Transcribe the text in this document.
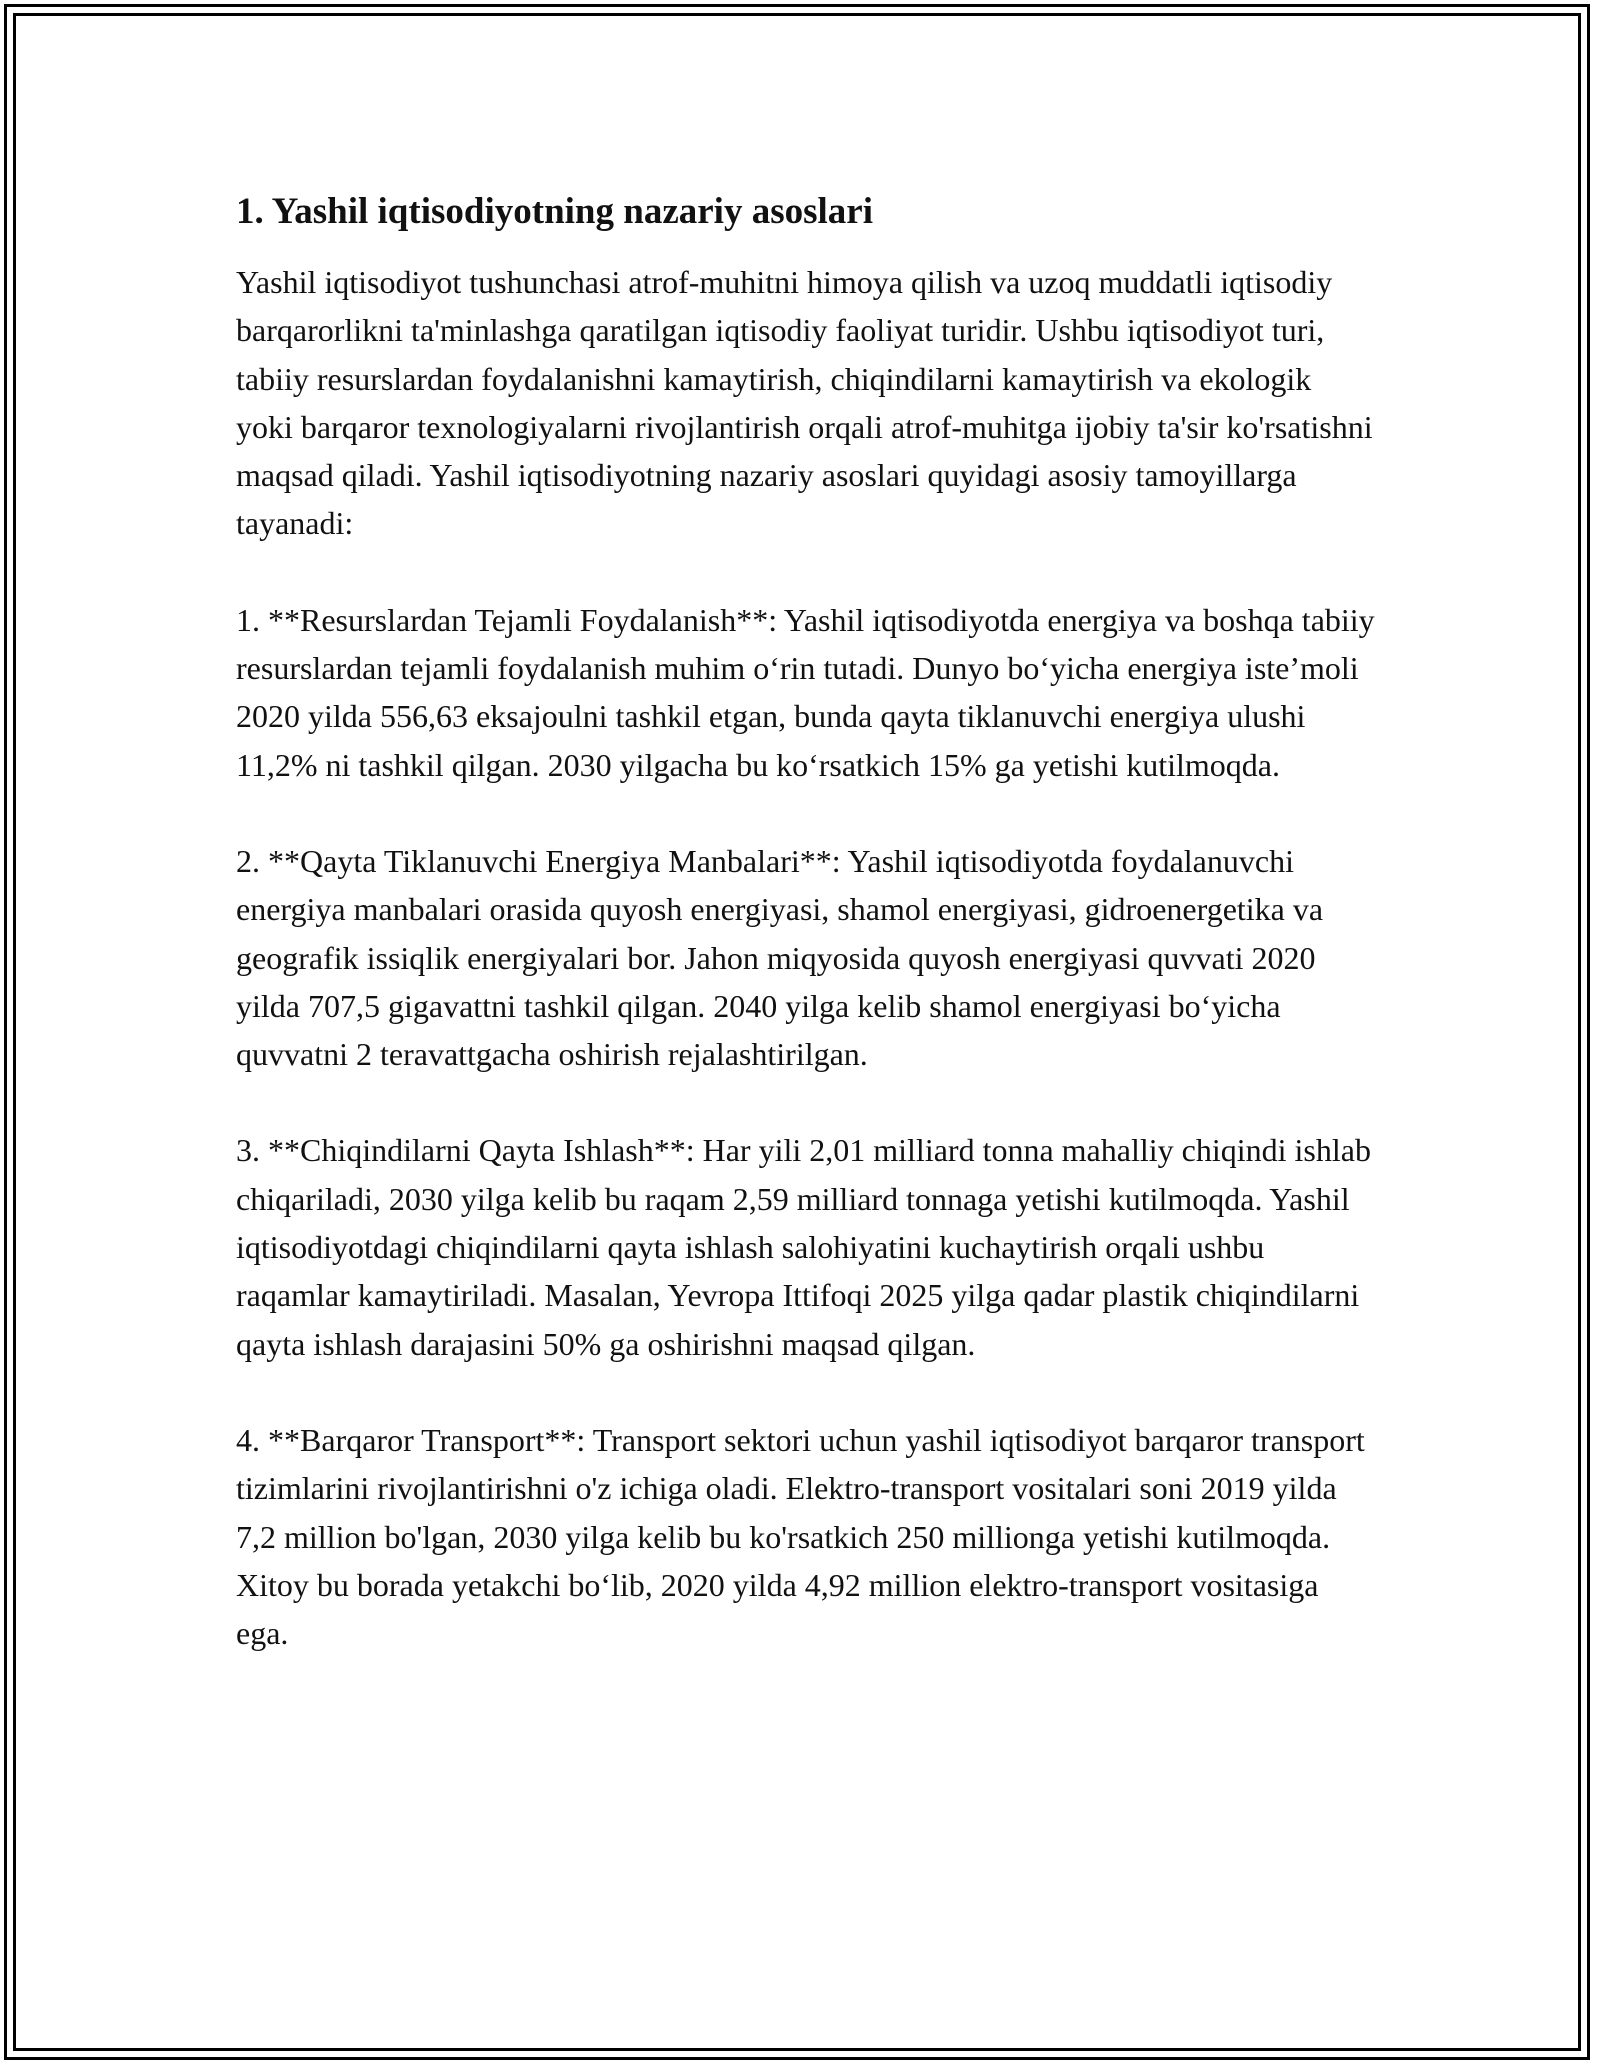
1. Yashil iqtisodiyotning nazariy asoslari

Yashil iqtisodiyot tushunchasi atrof-muhitni himoya qilish va uzoq muddatli iqtisodiy barqarorlikni ta'minlashga qaratilgan iqtisodiy faoliyat turidir. Ushbu iqtisodiyot turi, tabiiy resurslardan foydalanishni kamaytirish, chiqindilarni kamaytirish va ekologik yoki barqaror texnologiyalarni rivojlantirish orqali atrof-muhitga ijobiy ta'sir ko'rsatishni maqsad qiladi. Yashil iqtisodiyotning nazariy asoslari quyidagi asosiy tamoyillarga tayanadi:

1. **Resurslardan Tejamli Foydalanish**: Yashil iqtisodiyotda energiya va boshqa tabiiy resurslardan tejamli foydalanish muhim o‘rin tutadi. Dunyo bo‘yicha energiya iste’moli 2020 yilda 556,63 eksajoulni tashkil etgan, bunda qayta tiklanuvchi energiya ulushi 11,2% ni tashkil qilgan. 2030 yilgacha bu ko‘rsatkich 15% ga yetishi kutilmoqda.

2. **Qayta Tiklanuvchi Energiya Manbalari**: Yashil iqtisodiyotda foydalanuvchi energiya manbalari orasida quyosh energiyasi, shamol energiyasi, gidroenergetika va geografik issiqlik energiyalari bor. Jahon miqyosida quyosh energiyasi quvvati 2020 yilda 707,5 gigavattni tashkil qilgan. 2040 yilga kelib shamol energiyasi bo‘yicha quvvatni 2 teravattgacha oshirish rejalashtirilgan.

3. **Chiqindilarni Qayta Ishlash**: Har yili 2,01 milliard tonna mahalliy chiqindi ishlab chiqariladi, 2030 yilga kelib bu raqam 2,59 milliard tonnaga yetishi kutilmoqda. Yashil iqtisodiyotdagi chiqindilarni qayta ishlash salohiyatini kuchaytirish orqali ushbu raqamlar kamaytiriladi. Masalan, Yevropa Ittifoqi 2025 yilga qadar plastik chiqindilarni qayta ishlash darajasini 50% ga oshirishni maqsad qilgan.

4. **Barqaror Transport**: Transport sektori uchun yashil iqtisodiyot barqaror transport tizimlarini rivojlantirishni o'z ichiga oladi. Elektro-transport vositalari soni 2019 yilda 7,2 million bo'lgan, 2030 yilga kelib bu ko'rsatkich 250 millionga yetishi kutilmoqda. Xitoy bu borada yetakchi bo‘lib, 2020 yilda 4,92 million elektro-transport vositasiga ega.
